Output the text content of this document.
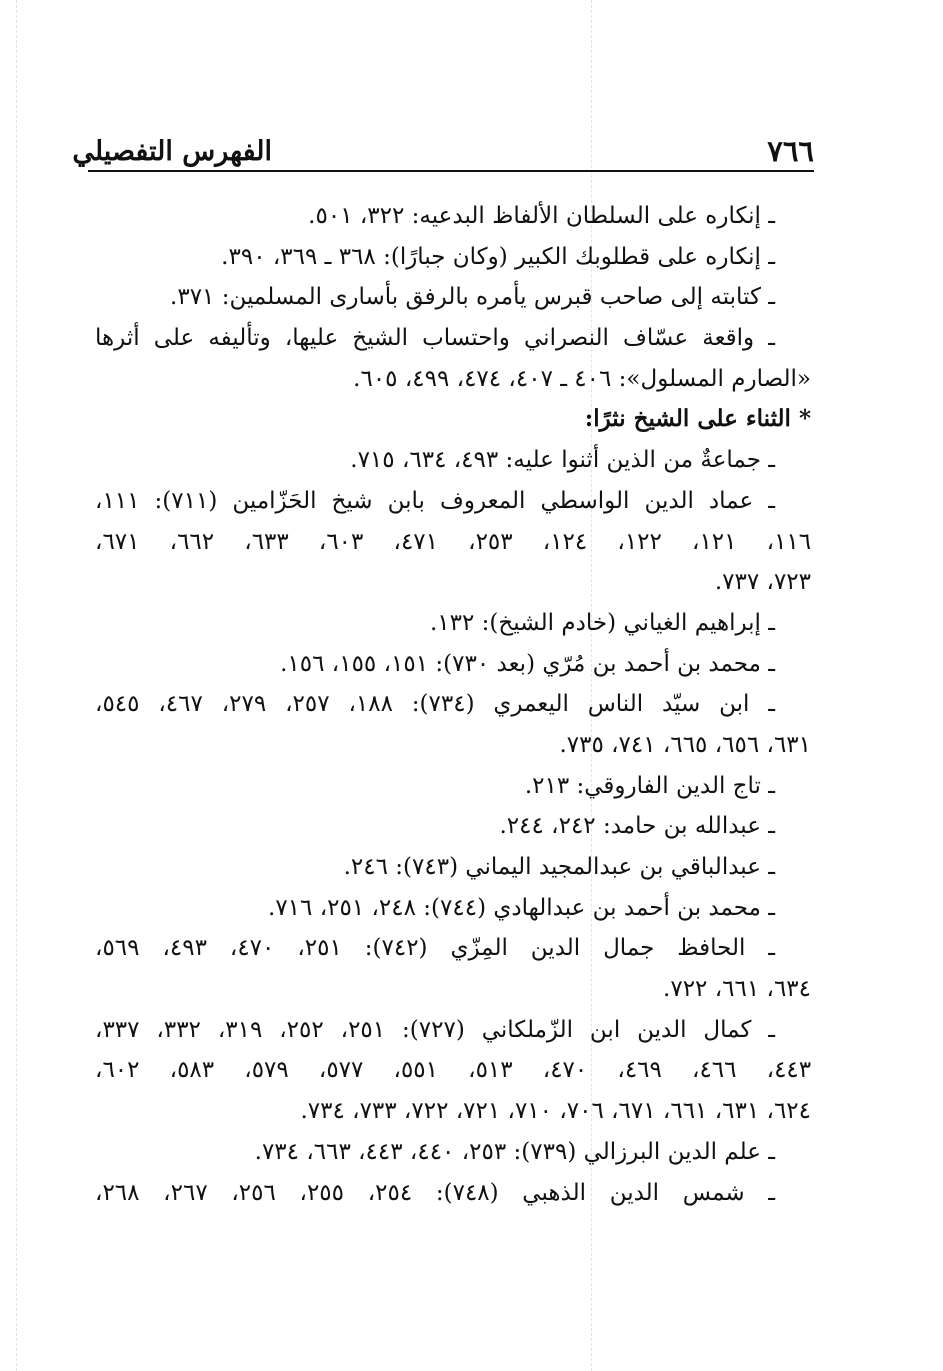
٧٦٦
الفهرس التفصيلي
ـ إنكاره على السلطان الألفاظ البدعيه: ٣٢٢، ٥٠١.
ـ إنكاره على قطلوبك الكبير (وكان جبارًا): ٣٦٨ ـ ٣٦٩، ٣٩٠.
ـ كتابته إلى صاحب قبرس يأمره بالرفق بأسارى المسلمين: ٣٧١.
ـ واقعة عسّاف النصراني واحتساب الشيخ عليها، وتأليفه على أثرها
«الصارم المسلول»: ٤٠٦ ـ ٤٠٧، ٤٧٤، ٤٩٩، ٦٠٥.
* الثناء على الشيخ نثرًا:
ـ جماعةٌ من الذين أثنوا عليه: ٤٩٣، ٦٣٤، ٧١٥.
ـ عماد الدين الواسطي المعروف بابن شيخ الحَزّامين (٧١١): ١١١،
١١٦، ١٢١، ١٢٢، ١٢٤، ٢٥٣، ٤٧١، ٦٠٣، ٦٣٣، ٦٦٢، ٦٧١،
٧٢٣، ٧٣٧.
ـ إبراهيم الغياني (خادم الشيخ): ١٣٢.
ـ محمد بن أحمد بن مُرّي (بعد ٧٣٠): ١٥١، ١٥٥، ١٥٦.
ـ ابن سيّد الناس اليعمري (٧٣٤): ١٨٨، ٢٥٧، ٢٧٩، ٤٦٧، ٥٤٥،
٦٣١، ٦٥٦، ٦٦٥، ٧٤١، ٧٣٥.
ـ تاج الدين الفاروقي: ٢١٣.
ـ عبدالله بن حامد: ٢٤٢، ٢٤٤.
ـ عبدالباقي بن عبدالمجيد اليماني (٧٤٣): ٢٤٦.
ـ محمد بن أحمد بن عبدالهادي (٧٤٤): ٢٤٨، ٢٥١، ٧١٦.
ـ الحافظ جمال الدين المِزّي (٧٤٢): ٢٥١، ٤٧٠، ٤٩٣، ٥٦٩،
٦٣٤، ٦٦١، ٧٢٢.
ـ كمال الدين ابن الزّملكاني (٧٢٧): ٢٥١، ٢٥٢، ٣١٩، ٣٣٢، ٣٣٧،
٤٤٣، ٤٦٦، ٤٦٩، ٤٧٠، ٥١٣، ٥٥١، ٥٧٧، ٥٧٩، ٥٨٣، ٦٠٢،
٦٢٤، ٦٣١، ٦٦١، ٦٧١، ٧٠٦، ٧١٠، ٧٢١، ٧٢٢، ٧٣٣، ٧٣٤.
ـ علم الدين البرزالي (٧٣٩): ٢٥٣، ٤٤٠، ٤٤٣، ٦٦٣، ٧٣٤.
ـ شمس الدين الذهبي (٧٤٨): ٢٥٤، ٢٥٥، ٢٥٦، ٢٦٧، ٢٦٨،
